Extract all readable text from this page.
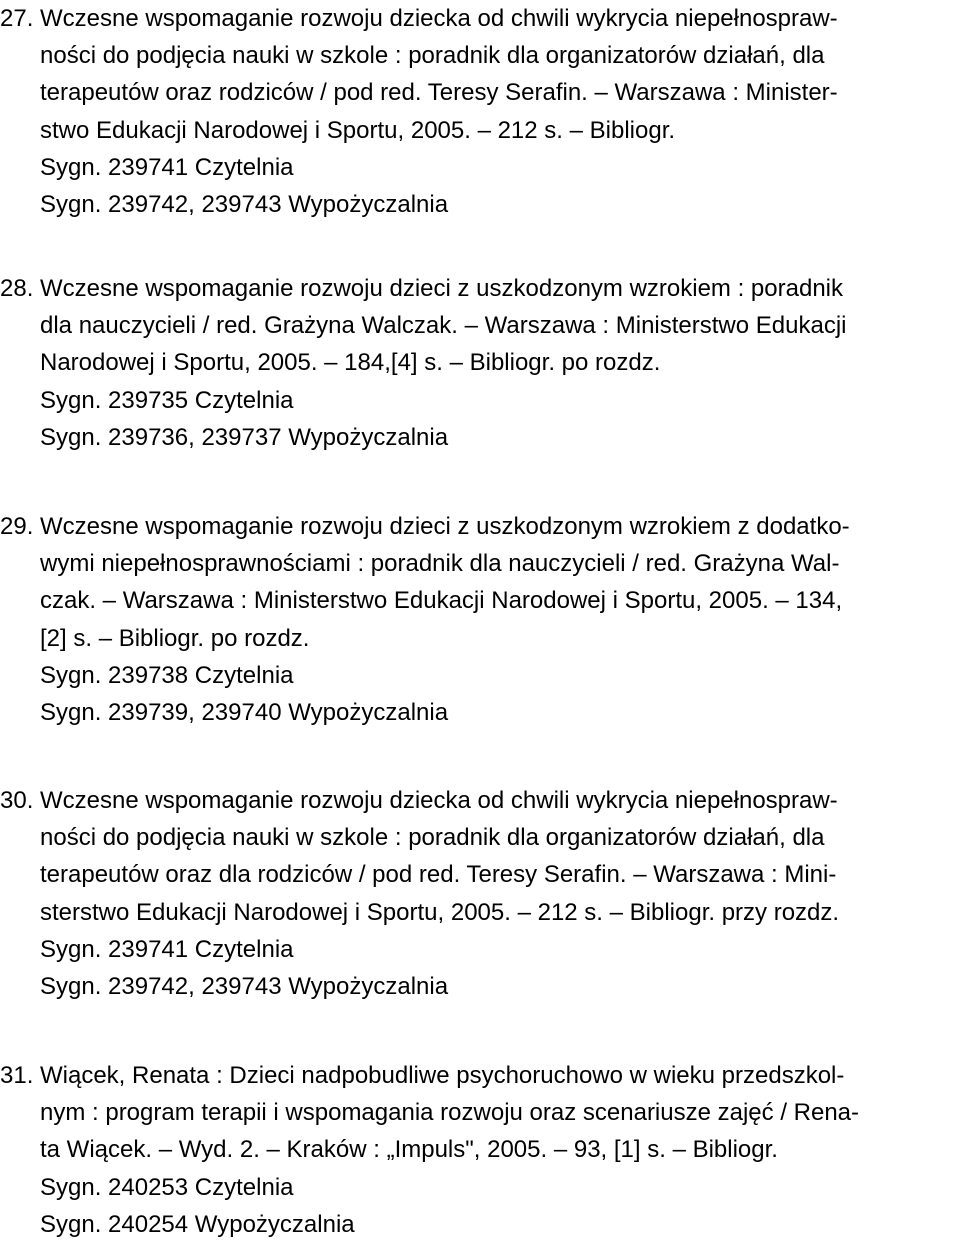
27. Wczesne wspomaganie rozwoju dziecka od chwili wykrycia niepełnospraw-
ności do podjęcia nauki w szkole : poradnik dla organizatorów działań, dla
terapeutów oraz rodziców / pod red. Teresy Serafin. – Warszawa : Minister-
stwo Edukacji Narodowej i Sportu, 2005. – 212 s. – Bibliogr.
Sygn. 239741 Czytelnia
Sygn. 239742, 239743 Wypożyczalnia
28. Wczesne wspomaganie rozwoju dzieci z uszkodzonym wzrokiem : poradnik
dla nauczycieli / red. Grażyna Walczak. – Warszawa : Ministerstwo Edukacji
Narodowej i Sportu, 2005. – 184,[4] s. – Bibliogr. po rozdz.
Sygn. 239735 Czytelnia
Sygn. 239736, 239737 Wypożyczalnia
29. Wczesne wspomaganie rozwoju dzieci z uszkodzonym wzrokiem z dodatko-
wymi niepełnosprawnościami : poradnik dla nauczycieli / red. Grażyna Wal-
czak. – Warszawa : Ministerstwo Edukacji Narodowej i Sportu, 2005. – 134,
[2] s. – Bibliogr. po rozdz.
Sygn. 239738 Czytelnia
Sygn. 239739, 239740 Wypożyczalnia
30. Wczesne wspomaganie rozwoju dziecka od chwili wykrycia niepełnospraw-
ności do podjęcia nauki w szkole : poradnik dla organizatorów działań, dla
terapeutów oraz dla rodziców / pod red. Teresy Serafin. – Warszawa : Mini-
sterstwo Edukacji Narodowej i Sportu, 2005. – 212 s. – Bibliogr. przy rozdz.
Sygn. 239741 Czytelnia
Sygn. 239742, 239743 Wypożyczalnia
31. Wiącek, Renata : Dzieci nadpobudliwe psychoruchowo w wieku przedszkol-
nym : program terapii i wspomagania rozwoju oraz scenariusze zajęć / Rena-
ta Wiącek. – Wyd. 2. – Kraków : „Impuls", 2005. – 93, [1] s. – Bibliogr.
Sygn. 240253 Czytelnia
Sygn. 240254 Wypożyczalnia
